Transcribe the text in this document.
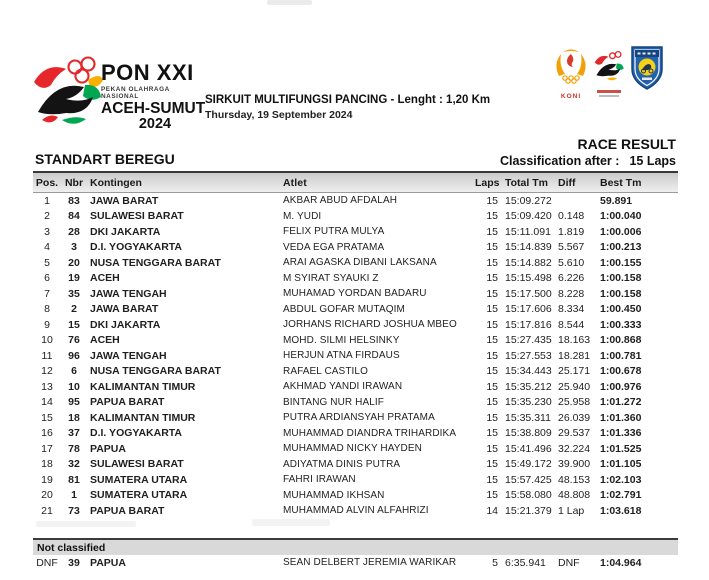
PON XXI
PEKAN OLAHRAGA NASIONAL
ACEH-SUMUT
2024
SIRKUIT MULTIFUNGSI PANCING - Lenght : 1,20 Km
Thursday, 19 September 2024
KONI
STANDART BEREGU
RACE RESULT
Classification after : 15 Laps
Pos. Nbr Kontingen	Atlet	Laps Total Tm Diff	Best Tm
1	83 JAWA BARAT	AKBAR ABUD AFDALAH	15 15:09.272	59.891
2	84 SULAWESI BARAT	M. YUDI	15 15:09.420 0.148	1:00.040
3	28 DKI JAKARTA	FELIX PUTRA MULYA	15 15:11.091 1.819	1:00.006
4	3	D.I. YOGYAKARTA	VEDA EGA PRATAMA	15 15:14.839 5.567	1:00.213
5	20 NUSA TENGGARA BARAT	ARAI AGASKA DIBANI LAKSANA	15 15:14.882 5.610	1:00.155
6	19 ACEH	M SYIRAT SYAUKI Z	15 15:15.498 6.226	1:00.158
7	35 JAWA TENGAH	MUHAMAD YORDAN BADARU	15 15:17.500 8.228	1:00.158
8	2	JAWA BARAT	ABDUL GOFAR MUTAQIM	15 15:17.606 8.334	1:00.450
9	15 DKI JAKARTA	JORHANS RICHARD JOSHUA MBEO	15 15:17.816 8.544	1:00.333
10	76 ACEH	MOHD. SILMI HELSINKY	15 15:27.435 18.163 1:00.868
11	96 JAWA TENGAH	HERJUN ATNA FIRDAUS	15 15:27.553 18.281 1:00.781
12	6	NUSA TENGGARA BARAT	RAFAEL CASTILO	15 15:34.443 25.171 1:00.678
13	10 KALIMANTAN TIMUR	AKHMAD YANDI IRAWAN	15 15:35.212 25.940 1:00.976
14	95 PAPUA BARAT	BINTANG NUR HALIF	15 15:35.230 25.958 1:01.272
15	18 KALIMANTAN TIMUR	PUTRA ARDIANSYAH PRATAMA	15 15:35.311 26.039 1:01.360
16	37 D.I. YOGYAKARTA	MUHAMMAD DIANDRA TRIHARDIKA	15 15:38.809 29.537 1:01.336
17	78 PAPUA	MUHAMMAD NICKY HAYDEN	15 15:41.496 32.224 1:01.525
18	32 SULAWESI BARAT	ADIYATMA DINIS PUTRA	15 15:49.172 39.900 1:01.105
19	81 SUMATERA UTARA	FAHRI IRAWAN	15 15:57.425 48.153 1:02.103
20	1	SUMATERA UTARA	MUHAMMAD IKHSAN	15 15:58.080 48.808 1:02.791
21	73 PAPUA BARAT	MUHAMMAD ALVIN ALFAHRIZI	14 15:21.379 1 Lap	1:03.618
Not classified
DNF 39 PAPUA	SEAN DELBERT JEREMIA WARIKAR	5 6:35.941	DNF	1:04.964
